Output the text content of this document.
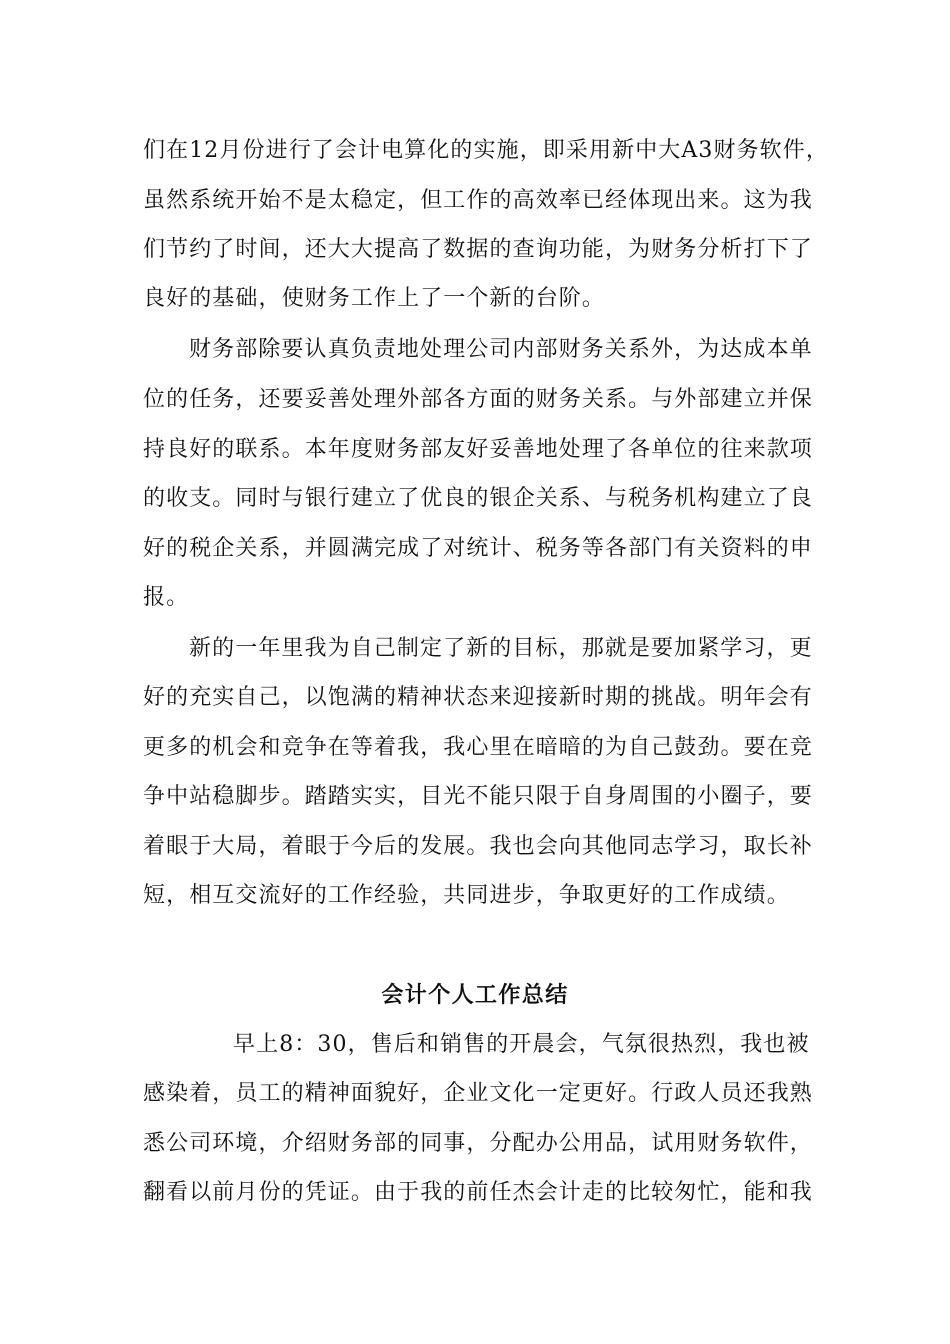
们在12月份进行了会计电算化的实施，即采用新中大A3财务软件，
虽然系统开始不是太稳定，但工作的高效率已经体现出来。这为我
们节约了时间，还大大提高了数据的查询功能，为财务分析打下了
良好的基础，使财务工作上了一个新的台阶。
财务部除要认真负责地处理公司内部财务关系外，为达成本单
位的任务，还要妥善处理外部各方面的财务关系。与外部建立并保
持良好的联系。本年度财务部友好妥善地处理了各单位的往来款项
的收支。同时与银行建立了优良的银企关系、与税务机构建立了良
好的税企关系，并圆满完成了对统计、税务等各部门有关资料的申
报。
新的一年里我为自己制定了新的目标，那就是要加紧学习，更
好的充实自己，以饱满的精神状态来迎接新时期的挑战。明年会有
更多的机会和竞争在等着我，我心里在暗暗的为自己鼓劲。要在竞
争中站稳脚步。踏踏实实，目光不能只限于自身周围的小圈子，要
着眼于大局，着眼于今后的发展。我也会向其他同志学习，取长补
短，相互交流好的工作经验，共同进步，争取更好的工作成绩。
会计个人工作总结
早上8：30，售后和销售的开晨会，气氛很热烈，我也被
感染着，员工的精神面貌好，企业文化一定更好。行政人员还我熟
悉公司环境，介绍财务部的同事，分配办公用品，试用财务软件，
翻看以前月份的凭证。由于我的前任杰会计走的比较匆忙，能和我
